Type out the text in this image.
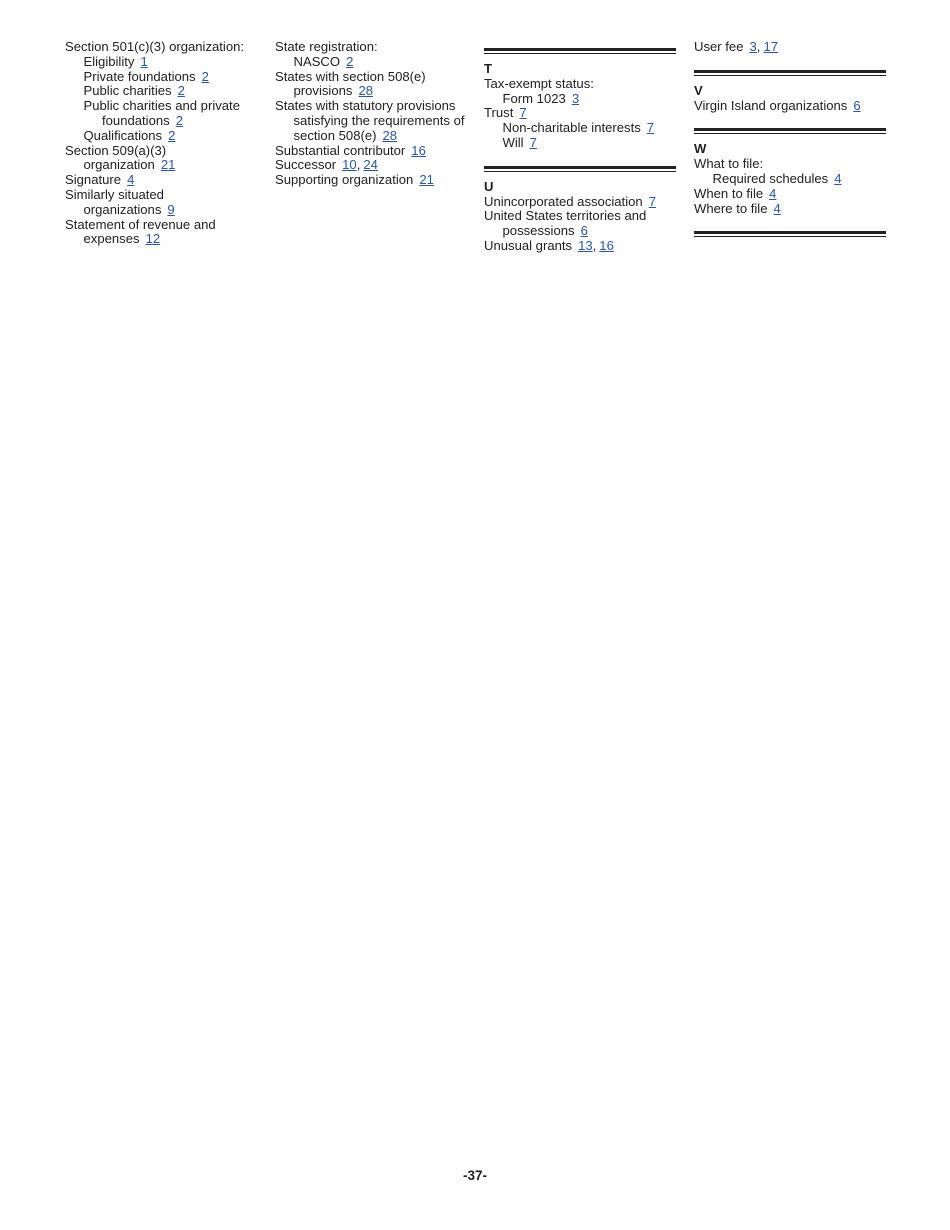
Section 501(c)(3) organization:
Eligibility 1
Private foundations 2
Public charities 2
Public charities and private foundations 2
Qualifications 2
Section 509(a)(3) organization 21
Signature 4
Similarly situated organizations 9
Statement of revenue and expenses 12
State registration:
NASCO 2
States with section 508(e) provisions 28
States with statutory provisions satisfying the requirements of section 508(e) 28
Substantial contributor 16
Successor 10, 24
Supporting organization 21
T
Tax-exempt status:
Form 1023 3
Trust 7
Non-charitable interests 7
Will 7
U
Unincorporated association 7
United States territories and possessions 6
Unusual grants 13, 16
User fee 3, 17
V
Virgin Island organizations 6
W
What to file:
Required schedules 4
When to file 4
Where to file 4
-37-
